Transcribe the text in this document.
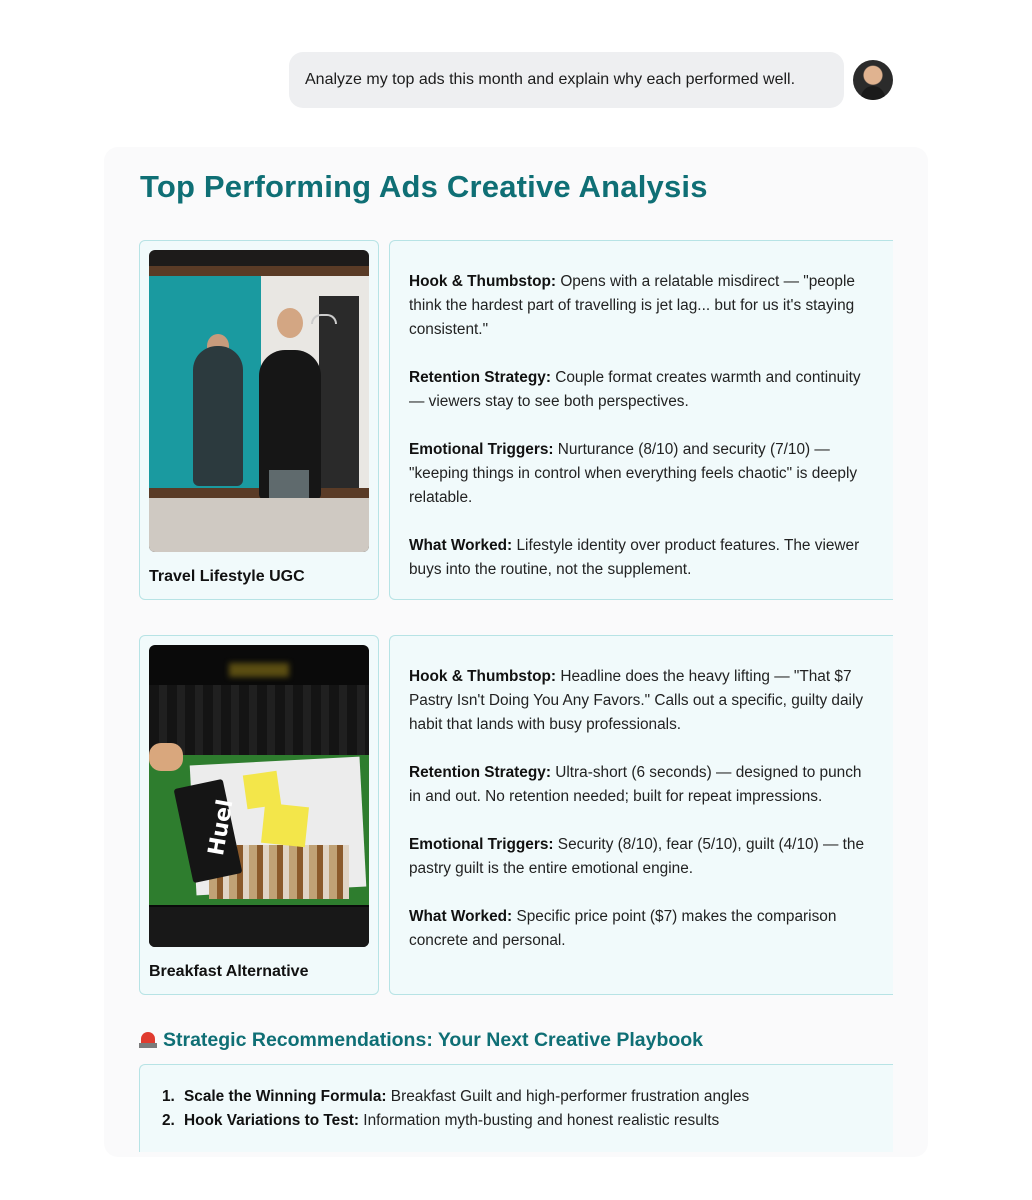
Analyze my top ads this month and explain why each performed well.
Top Performing Ads Creative Analysis
Travel Lifestyle UGC

Hook & Thumbstop: Opens with a relatable misdirect — "people think the hardest part of travelling is jet lag... but for us it's staying consistent."

Retention Strategy: Couple format creates warmth and continuity — viewers stay to see both perspectives.

Emotional Triggers: Nurturance (8/10) and security (7/10) — "keeping things in control when everything feels chaotic" is deeply relatable.

What Worked: Lifestyle identity over product features. The viewer buys into the routine, not the supplement.

Huel
Breakfast Alternative

Hook & Thumbstop: Headline does the heavy lifting — "That $7 Pastry Isn't Doing You Any Favors." Calls out a specific, guilty daily habit that lands with busy professionals.

Retention Strategy: Ultra-short (6 seconds) — designed to punch in and out. No retention needed; built for repeat impressions.

Emotional Triggers: Security (8/10), fear (5/10), guilt (4/10) — the pastry guilt is the entire emotional engine.

What Worked: Specific price point ($7) makes the comparison concrete and personal.

Strategic Recommendations: Your Next Creative Playbook
1. Scale the Winning Formula: Breakfast Guilt and high-performer frustration angles
2. Hook Variations to Test: Information myth-busting and honest realistic results
